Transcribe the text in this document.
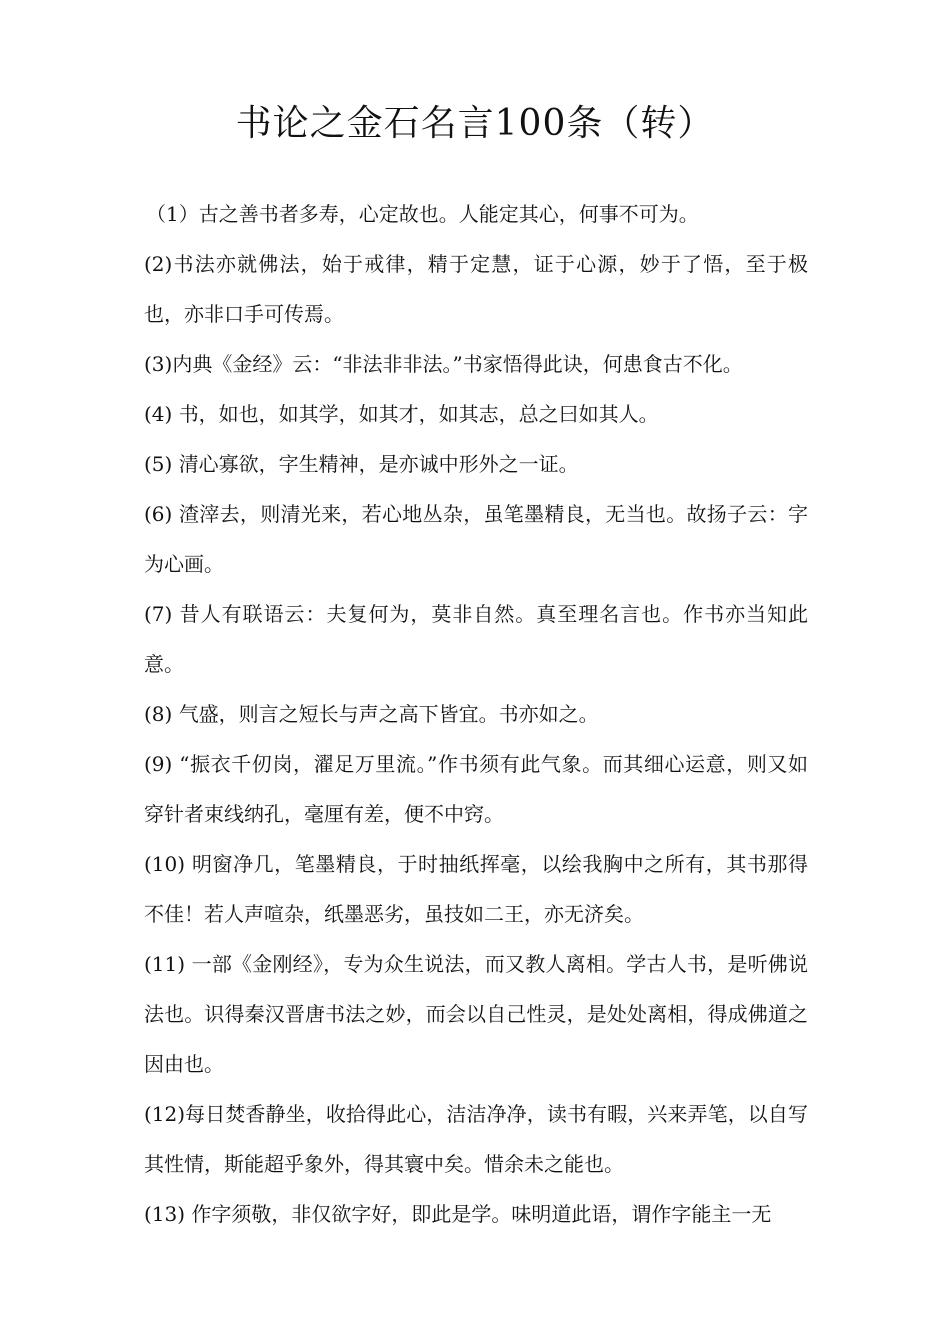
书论之金石名言100条（转）

（1）古之善书者多寿，心定故也。人能定其心，何事不可为。

(2)书法亦就佛法，始于戒律，精于定慧，证于心源，妙于了悟，至于极也，亦非口手可传焉。

(3)内典《金经》云：“非法非非法。”书家悟得此诀，何患食古不化。

(4) 书，如也，如其学，如其才，如其志，总之曰如其人。

(5) 清心寡欲，字生精神，是亦诚中形外之一证。

(6) 渣滓去，则清光来，若心地丛杂，虽笔墨精良，无当也。故扬子云：字为心画。

(7) 昔人有联语云：夫复何为，莫非自然。真至理名言也。作书亦当知此意。

(8) 气盛，则言之短长与声之高下皆宜。书亦如之。

(9) “振衣千仞岗，濯足万里流。”作书须有此气象。而其细心运意，则又如穿针者束线纳孔，毫厘有差，便不中窍。

(10) 明窗净几，笔墨精良，于时抽纸挥毫，以绘我胸中之所有，其书那得不佳！若人声喧杂，纸墨恶劣，虽技如二王，亦无济矣。

(11) 一部《金刚经》，专为众生说法，而又教人离相。学古人书，是听佛说法也。识得秦汉晋唐书法之妙，而会以自己性灵，是处处离相，得成佛道之因由也。

(12)每日焚香静坐，收拾得此心，洁洁净净，读书有暇，兴来弄笔，以自写其性情，斯能超乎象外，得其寰中矣。惜余未之能也。

(13) 作字须敬，非仅欲字好，即此是学。味明道此语，谓作字能主一无
